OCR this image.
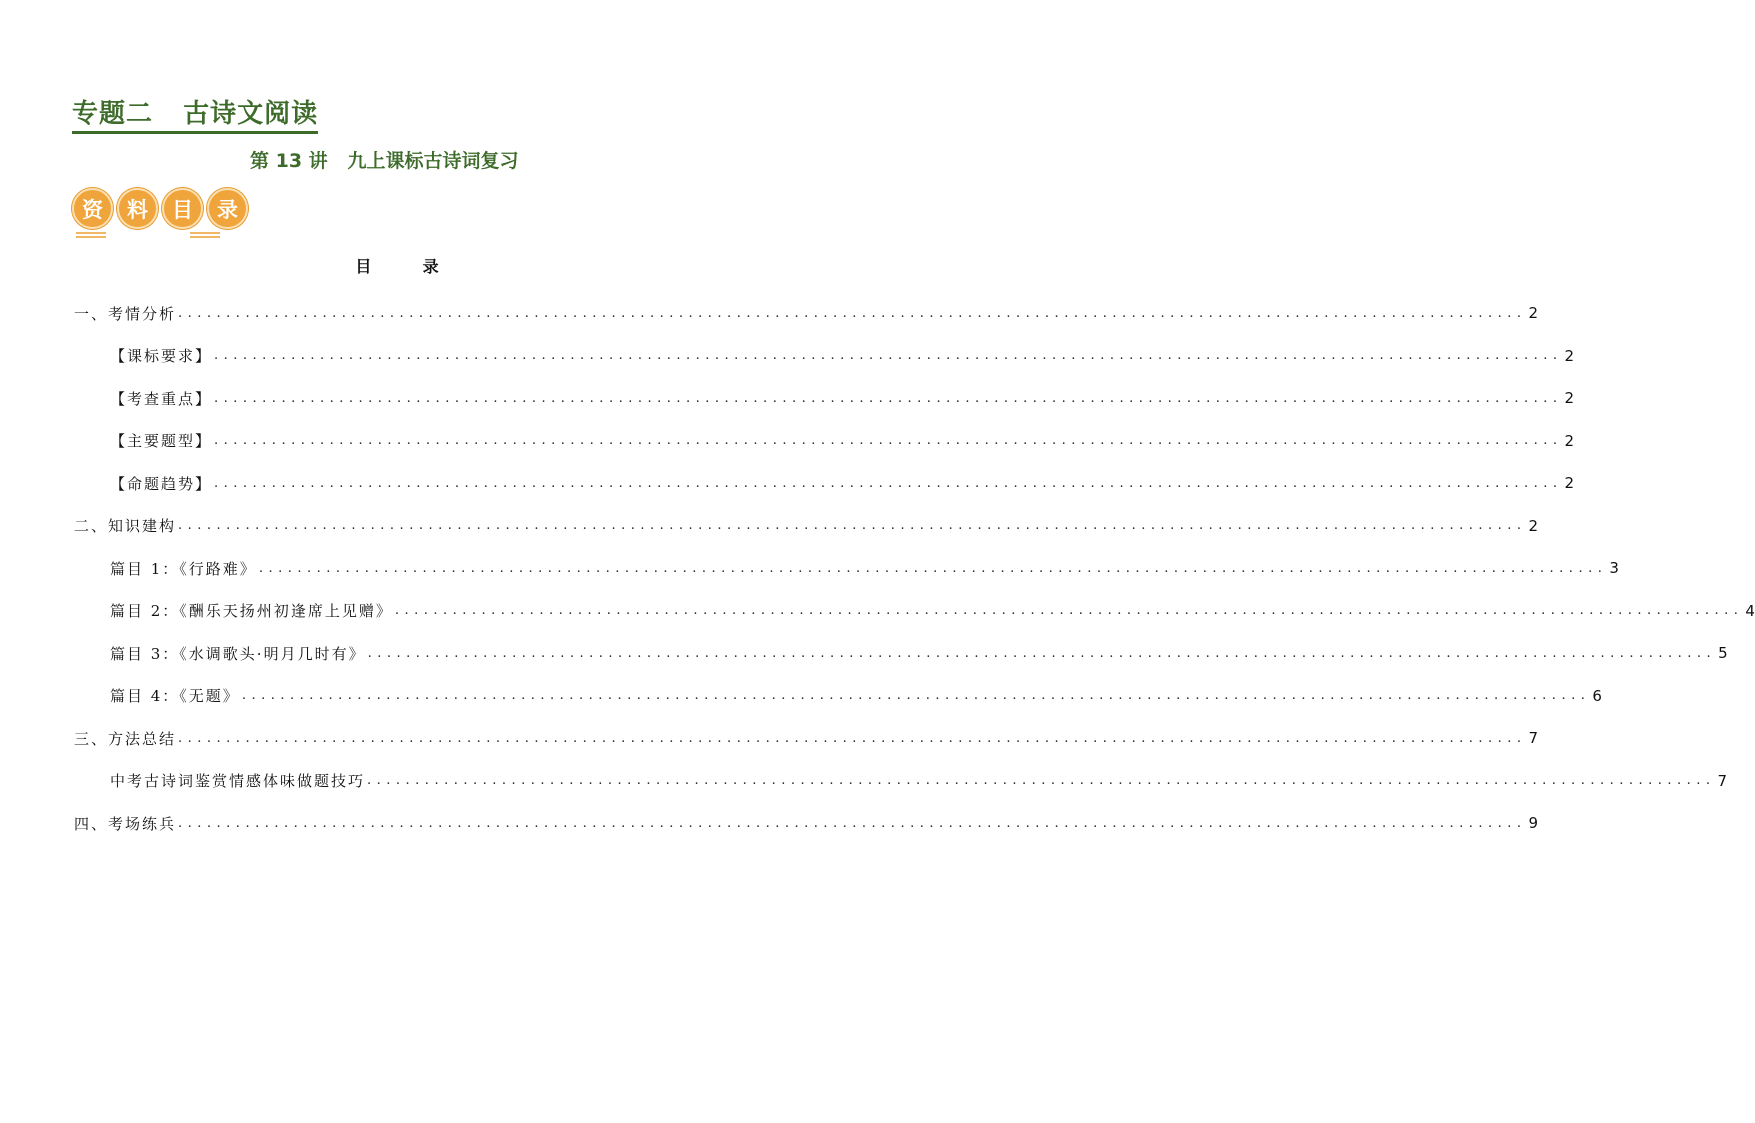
专题二   古诗文阅读
第 13 讲   九上课标古诗词复习
资	料	目	录
目	录
一、考情分析 ............................................................................................................................................ 2
【课标要求】 ............................................................................................................................................ 2
【考查重点】 ............................................................................................................................................ 2
【主要题型】 ............................................................................................................................................ 2
【命题趋势】 ............................................................................................................................................ 2
二、知识建构 ............................................................................................................................................ 2
篇目 1：《行路难》 ............................................................................................................................................ 3
篇目 2：《酬乐天扬州初逢席上见赠》 ............................................................................................................................................ 4
篇目 3：《水调歌头·明月几时有》 ............................................................................................................................................ 5
篇目 4：《无题》 ............................................................................................................................................ 6
三、方法总结 ............................................................................................................................................ 7
中考古诗词鉴赏情感体味做题技巧 ............................................................................................................................................ 7
四、考场练兵 ............................................................................................................................................ 9
